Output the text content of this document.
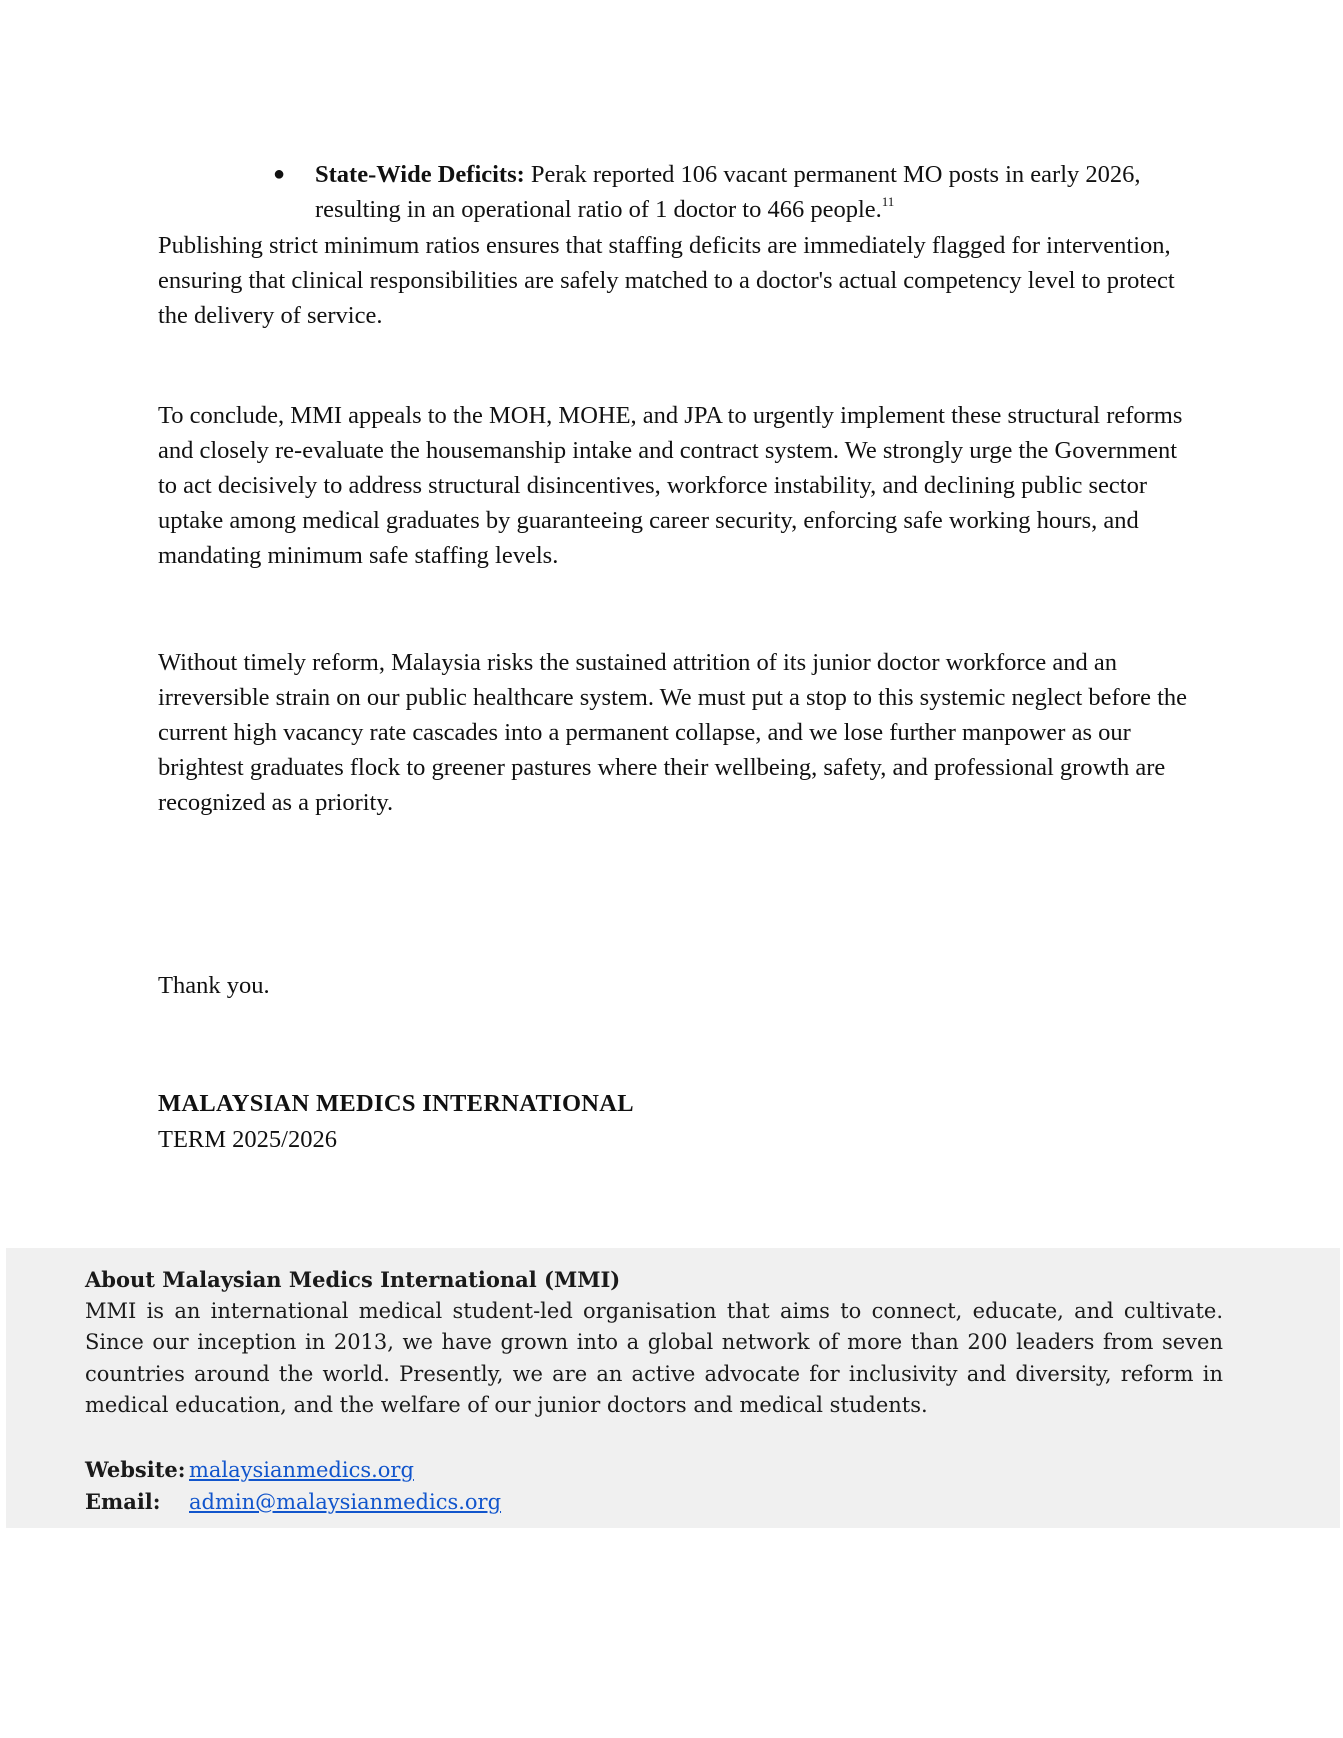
● State-Wide Deficits: Perak reported 106 vacant permanent MO posts in early 2026, resulting in an operational ratio of 1 doctor to 466 people.$^{11}$

Publishing strict minimum ratios ensures that staffing deficits are immediately flagged for intervention, ensuring that clinical responsibilities are safely matched to a doctor's actual competency level to protect the delivery of service.

To conclude, MMI appeals to the MOH, MOHE, and JPA to urgently implement these structural reforms and closely re-evaluate the housemanship intake and contract system. We strongly urge the Government to act decisively to address structural disincentives, workforce instability, and declining public sector uptake among medical graduates by guaranteeing career security, enforcing safe working hours, and mandating minimum safe staffing levels.

Without timely reform, Malaysia risks the sustained attrition of its junior doctor workforce and an irreversible strain on our public healthcare system. We must put a stop to this systemic neglect before the current high vacancy rate cascades into a permanent collapse, and we lose further manpower as our brightest graduates flock to greener pastures where their wellbeing, safety, and professional growth are recognized as a priority.

Thank you.

MALAYSIAN MEDICS INTERNATIONAL
TERM 2025/2026
About Malaysian Medics International (MMI)

MMI is an international medical student-led organisation that aims to connect, educate, and cultivate. Since our inception in 2013, we have grown into a global network of more than 200 leaders from seven countries around the world. Presently, we are an active advocate for inclusivity and diversity, reform in medical education, and the welfare of our junior doctors and medical students.

Website: malaysianmedics.org
Email: admin@malaysianmedics.org
